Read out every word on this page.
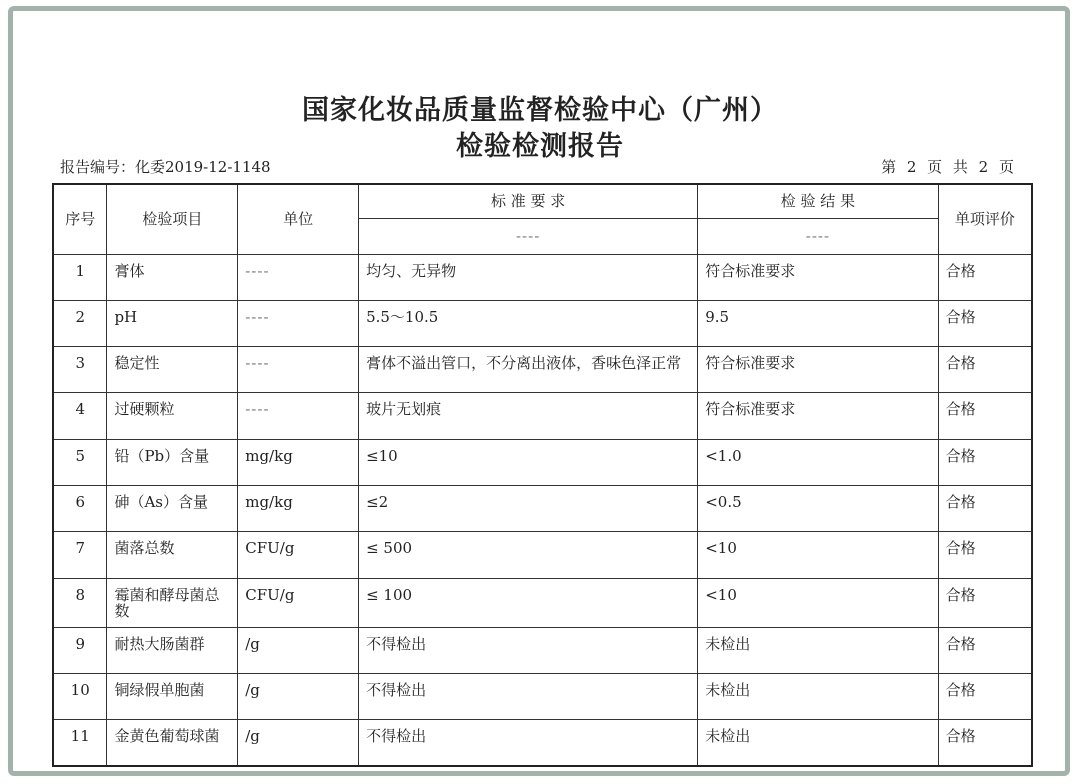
国家化妆品质量监督检验中心（广州）
检验检测报告
报告编号：化委2019-12-1148	第 2 页 共 2 页
序号	检验项目	单位	标 准 要 求	检 验 结 果	单项评价
			----	----	
1	膏体	----	均匀、无异物	符合标准要求	合格
2	pH	----	5.5～10.5	9.5	合格
3	稳定性	----	膏体不溢出管口，不分离出液体，香味色泽正常	符合标准要求	合格
4	过硬颗粒	----	玻片无划痕	符合标准要求	合格
5	铅（Pb）含量	mg/kg	≤10	<1.0	合格
6	砷（As）含量	mg/kg	≤2	<0.5	合格
7	菌落总数	CFU/g	≤ 500	<10	合格
8	霉菌和酵母菌总数	CFU/g	≤ 100	<10	合格
9	耐热大肠菌群	/g	不得检出	未检出	合格
10	铜绿假单胞菌	/g	不得检出	未检出	合格
11	金黄色葡萄球菌	/g	不得检出	未检出	合格
